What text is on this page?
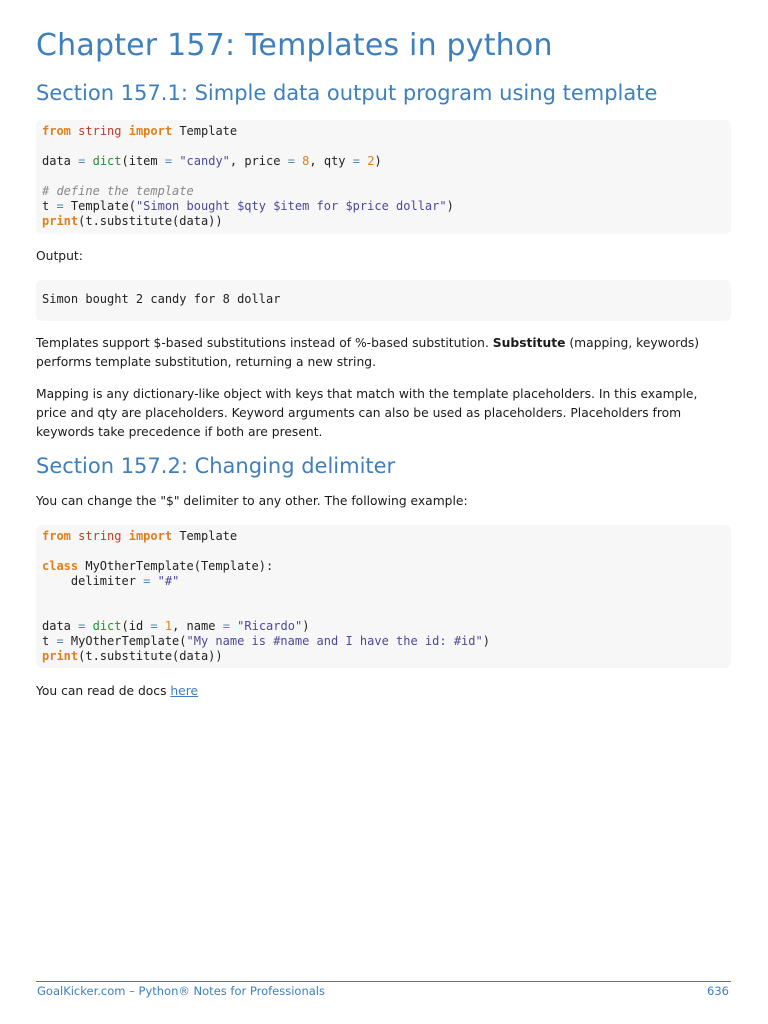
Chapter 157: Templates in python
Section 157.1: Simple data output program using template
from string import Template

data = dict(item = "candy", price = 8, qty = 2)

# define the template
t = Template("Simon bought $qty $item for $price dollar")
print(t.substitute(data))

Output:

Simon bought 2 candy for 8 dollar

Templates support $-based substitutions instead of %-based substitution. Substitute (mapping, keywords) performs template substitution, returning a new string.

Mapping is any dictionary-like object with keys that match with the template placeholders. In this example, price and qty are placeholders. Keyword arguments can also be used as placeholders. Placeholders from keywords take precedence if both are present.

Section 157.2: Changing delimiter

You can change the "$" delimiter to any other. The following example:

from string import Template

class MyOtherTemplate(Template):
delimiter = "#"

data = dict(id = 1, name = "Ricardo")
t = MyOtherTemplate("My name is #name and I have the id: #id")
print(t.substitute(data))

You can read de docs here

GoalKicker.com – Python® Notes for Professionals	636
